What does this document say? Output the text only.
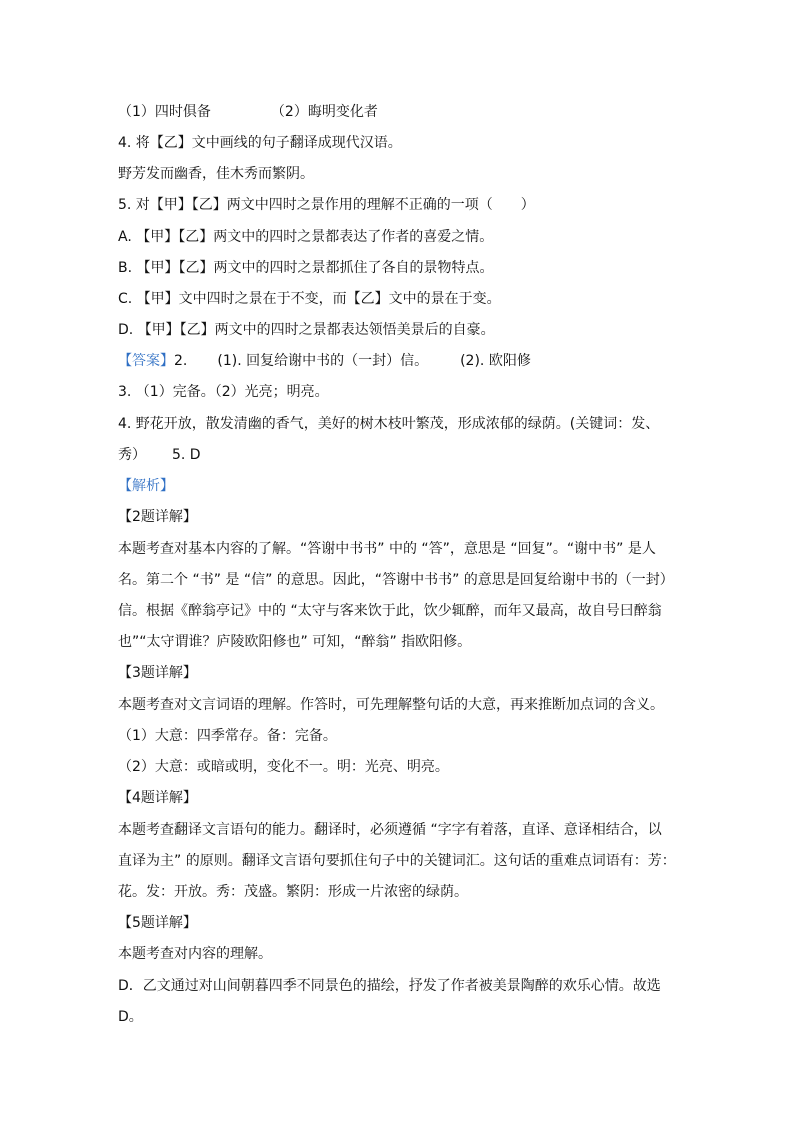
（1）四时俱备	（2）晦明变化者
4. 将【乙】文中画线的句子翻译成现代汉语。
野芳发而幽香，佳木秀而繁阴。
5. 对【甲】【乙】两文中四时之景作用的理解不正确的一项（　　）
A. 【甲】【乙】两文中的四时之景都表达了作者的喜爱之情。
B. 【甲】【乙】两文中的四时之景都抓住了各自的景物特点。
C. 【甲】文中四时之景在于不变，而【乙】文中的景在于变。
D. 【甲】【乙】两文中的四时之景都表达领悟美景后的自豪。
【答案】2. (1). 回复给谢中书的（一封）信。 (2). 欧阳修
3. （1）完备。（2）光亮；明亮。
4. 野花开放，散发清幽的香气，美好的树木枝叶繁茂，形成浓郁的绿荫。(关键词：发、
秀） 5. D
【解析】
【2题详解】
本题考查对基本内容的了解。“答谢中书书” 中的 “答”，意思是 “回复”。“谢中书” 是人
名。第二个 “书” 是 “信” 的意思。因此，“答谢中书书” 的意思是回复给谢中书的（一封）
信。根据《醉翁亭记》中的 “太守与客来饮于此，饮少辄醉，而年又最高，故自号曰醉翁
也”“太守谓谁？庐陵欧阳修也” 可知，“醉翁” 指欧阳修。
【3题详解】
本题考查对文言词语的理解。作答时，可先理解整句话的大意，再来推断加点词的含义。
（1）大意：四季常存。备：完备。
（2）大意：或暗或明，变化不一。明：光亮、明亮。
【4题详解】
本题考查翻译文言语句的能力。翻译时，必须遵循 “字字有着落，直译、意译相结合，以
直译为主” 的原则。翻译文言语句要抓住句子中的关键词汇。这句话的重难点词语有：芳：
花。发：开放。秀：茂盛。繁阴：形成一片浓密的绿荫。
【5题详解】
本题考查对内容的理解。
D．乙文通过对山间朝暮四季不同景色的描绘，抒发了作者被美景陶醉的欢乐心情。故选
D。
